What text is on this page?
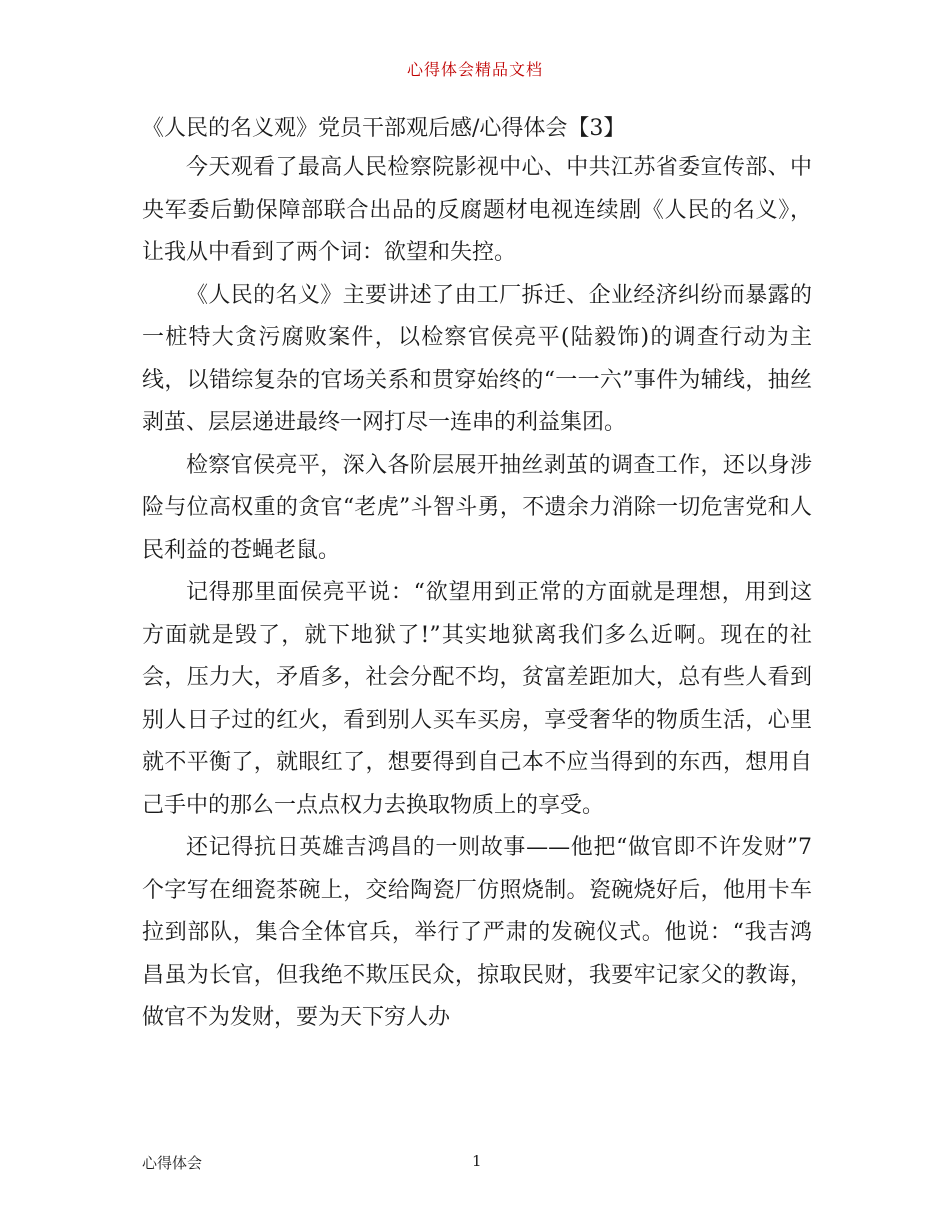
心得体会精品文档
《人民的名义观》党员干部观后感/心得体会【3】

今天观看了最高人民检察院影视中心、中共江苏省委宣传部、中央军委后勤保障部联合出品的反腐题材电视连续剧《人民的名义》，让我从中看到了两个词：欲望和失控。

《人民的名义》主要讲述了由工厂拆迁、企业经济纠纷而暴露的一桩特大贪污腐败案件，以检察官侯亮平(陆毅饰)的调查行动为主线，以错综复杂的官场关系和贯穿始终的“一一六”事件为辅线，抽丝剥茧、层层递进最终一网打尽一连串的利益集团。

检察官侯亮平，深入各阶层展开抽丝剥茧的调查工作，还以身涉险与位高权重的贪官“老虎”斗智斗勇，不遗余力消除一切危害党和人民利益的苍蝇老鼠。

记得那里面侯亮平说：“欲望用到正常的方面就是理想，用到这方面就是毁了，就下地狱了!”其实地狱离我们多么近啊。现在的社会，压力大，矛盾多，社会分配不均，贫富差距加大，总有些人看到别人日子过的红火，看到别人买车买房，享受奢华的物质生活，心里就不平衡了，就眼红了，想要得到自己本不应当得到的东西，想用自己手中的那么一点点权力去换取物质上的享受。

还记得抗日英雄吉鸿昌的一则故事——他把“做官即不许发财”7个字写在细瓷茶碗上，交给陶瓷厂仿照烧制。瓷碗烧好后，他用卡车拉到部队，集合全体官兵，举行了严肃的发碗仪式。他说：“我吉鸿昌虽为长官，但我绝不欺压民众，掠取民财，我要牢记家父的教诲，做官不为发财，要为天下穷人办

心得体会	1
